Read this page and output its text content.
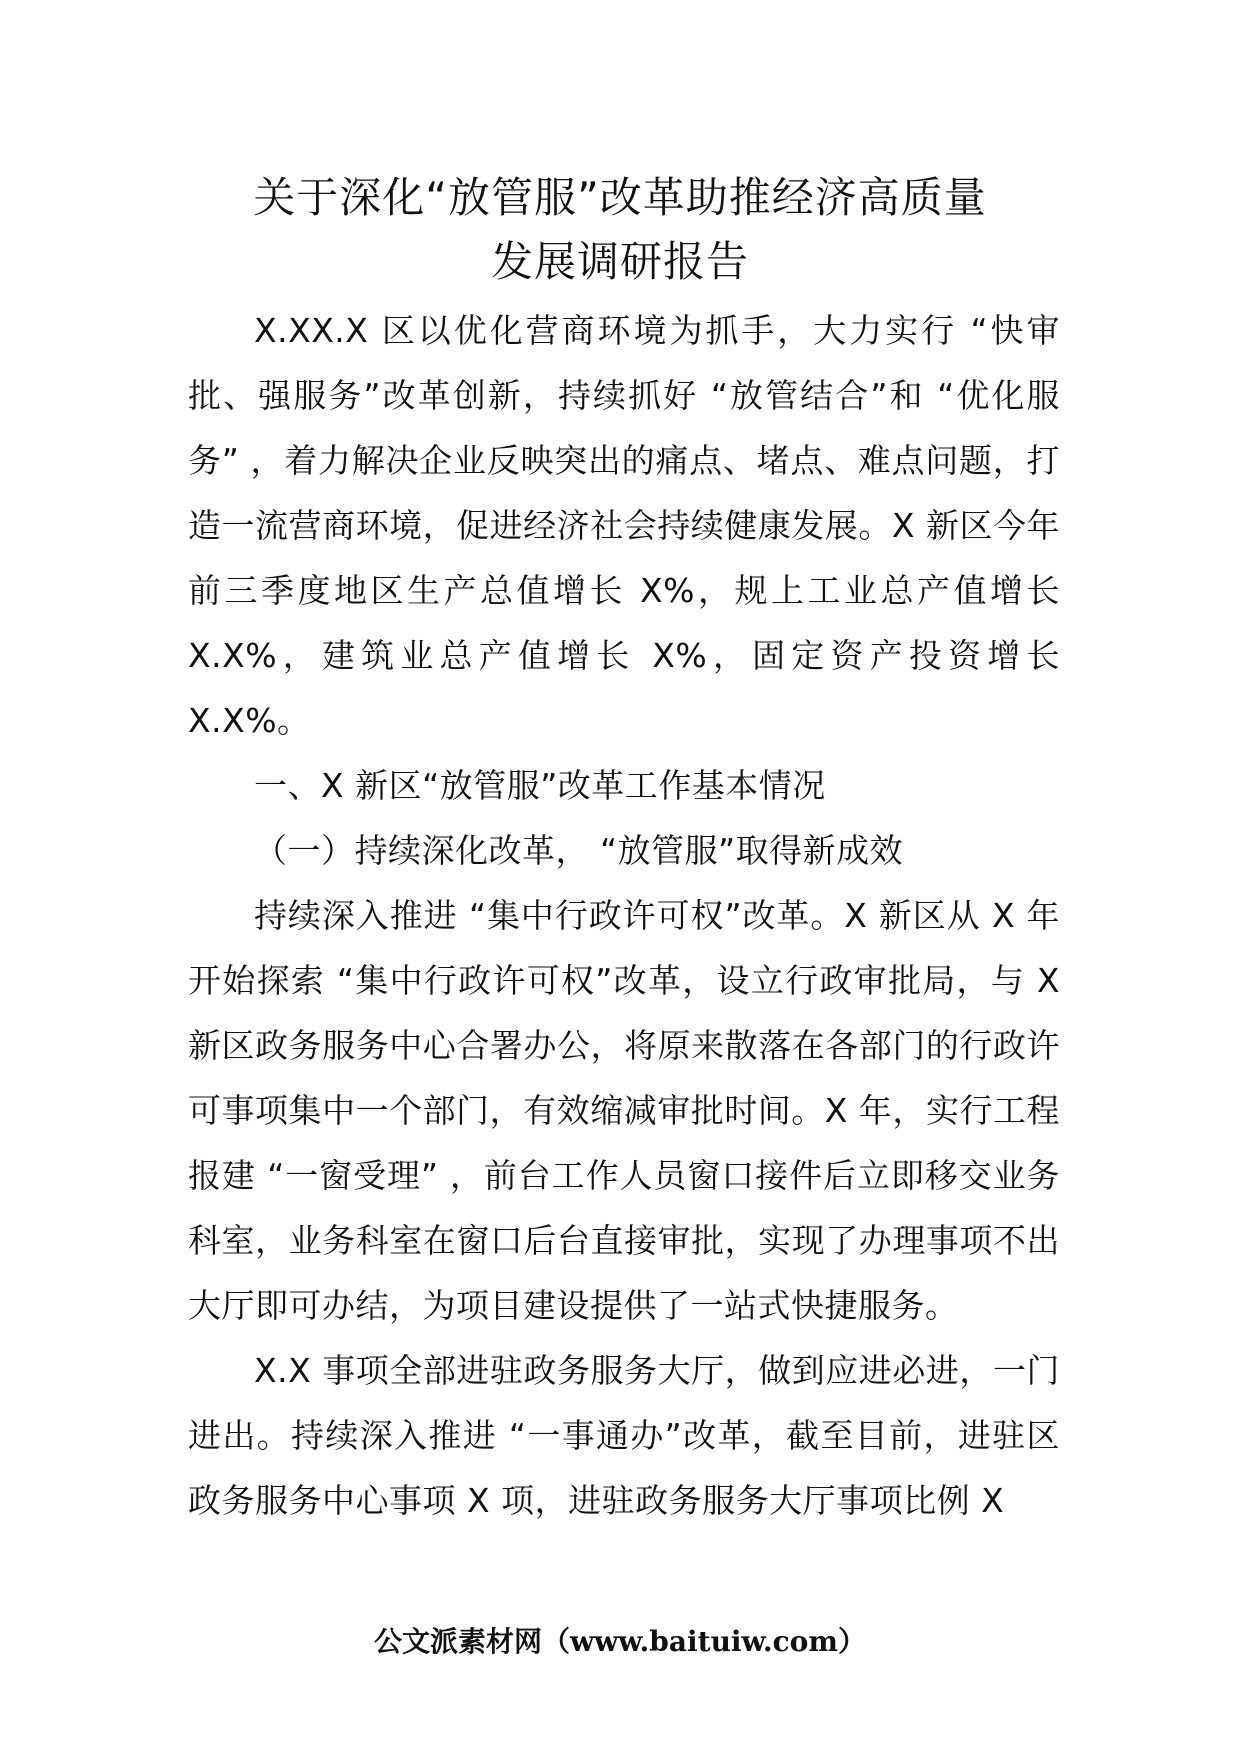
关于深化“放管服”改革助推经济高质量
发展调研报告

X.XX.X 区以优化营商环境为抓手，大力实行 “快审批、强服务”改革创新，持续抓好 “放管结合”和 “优化服务” ，着力解决企业反映突出的痛点、堵点、难点问题，打造一流营商环境，促进经济社会持续健康发展。X 新区今年前三季度地区生产总值增长 X%，规上工业总产值增长 X.X%，建筑业总产值增长 X%，固定资产投资增长 X.X%。

一、X 新区“放管服”改革工作基本情况

（一）持续深化改革， “放管服”取得新成效

持续深入推进 “集中行政许可权”改革。X 新区从 X 年开始探索 “集中行政许可权”改革，设立行政审批局，与 X 新区政务服务中心合署办公，将原来散落在各部门的行政许可事项集中一个部门，有效缩减审批时间。X 年，实行工程报建 “一窗受理” ，前台工作人员窗口接件后立即移交业务科室，业务科室在窗口后台直接审批，实现了办理事项不出大厅即可办结，为项目建设提供了一站式快捷服务。

X.X 事项全部进驻政务服务大厅，做到应进必进，一门进出。持续深入推进 “一事通办”改革，截至目前，进驻区政务服务中心事项 X 项，进驻政务服务大厅事项比例 X

公文派素材网（www.baituiw.com）
